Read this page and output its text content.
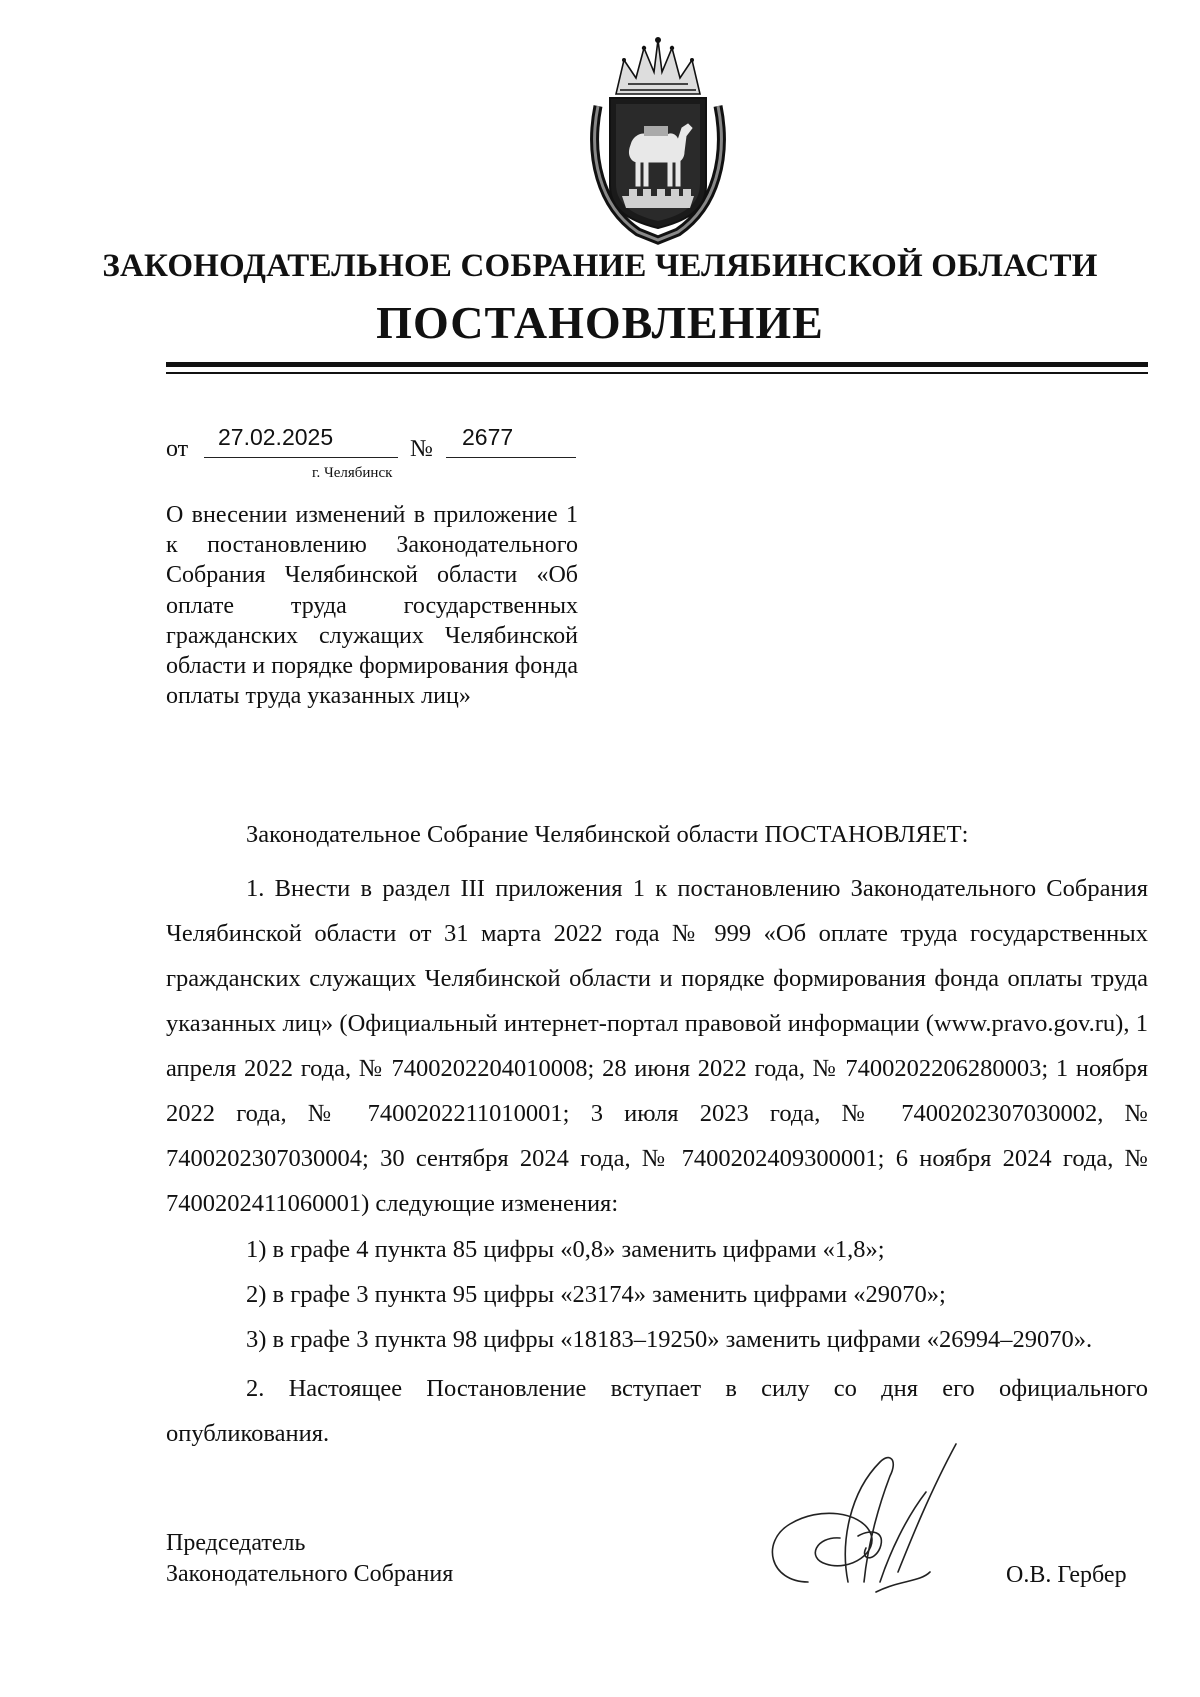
ЗАКОНОДАТЕЛЬНОЕ СОБРАНИЕ ЧЕЛЯБИНСКОЙ ОБЛАСТИ
ПОСТАНОВЛЕНИЕ
от	27.02.2025	№	2677
г. Челябинск
О внесении изменений в приложение 1 к постановлению Законодательного Собрания Челябинской области «Об оплате труда государственных гражданских служащих Челябинской области и порядке формирования фонда оплаты труда указанных лиц»
Законодательное Собрание Челябинской области ПОСТАНОВЛЯЕТ:
1. Внести в раздел III приложения 1 к постановлению Законодательного Собрания Челябинской области от 31 марта 2022 года № 999 «Об оплате труда государственных гражданских служащих Челябинской области и порядке формирования фонда оплаты труда указанных лиц» (Официальный интернет-портал правовой информации (www.pravo.gov.ru), 1 апреля 2022 года, № 7400202204010008; 28 июня 2022 года, № 7400202206280003; 1 ноября 2022 года, № 7400202211010001; 3 июля 2023 года, № 7400202307030002, № 7400202307030004; 30 сентября 2024 года, № 7400202409300001; 6 ноября 2024 года, № 7400202411060001) следующие изменения:
1) в графе 4 пункта 85 цифры «0,8» заменить цифрами «1,8»;
2) в графе 3 пункта 95 цифры «23174» заменить цифрами «29070»;
3) в графе 3 пункта 98 цифры «18183–19250» заменить цифрами «26994–29070».
2. Настоящее Постановление вступает в силу со дня его официального опубликования.
Председатель
Законодательного Собрания	О.В. Гербер
